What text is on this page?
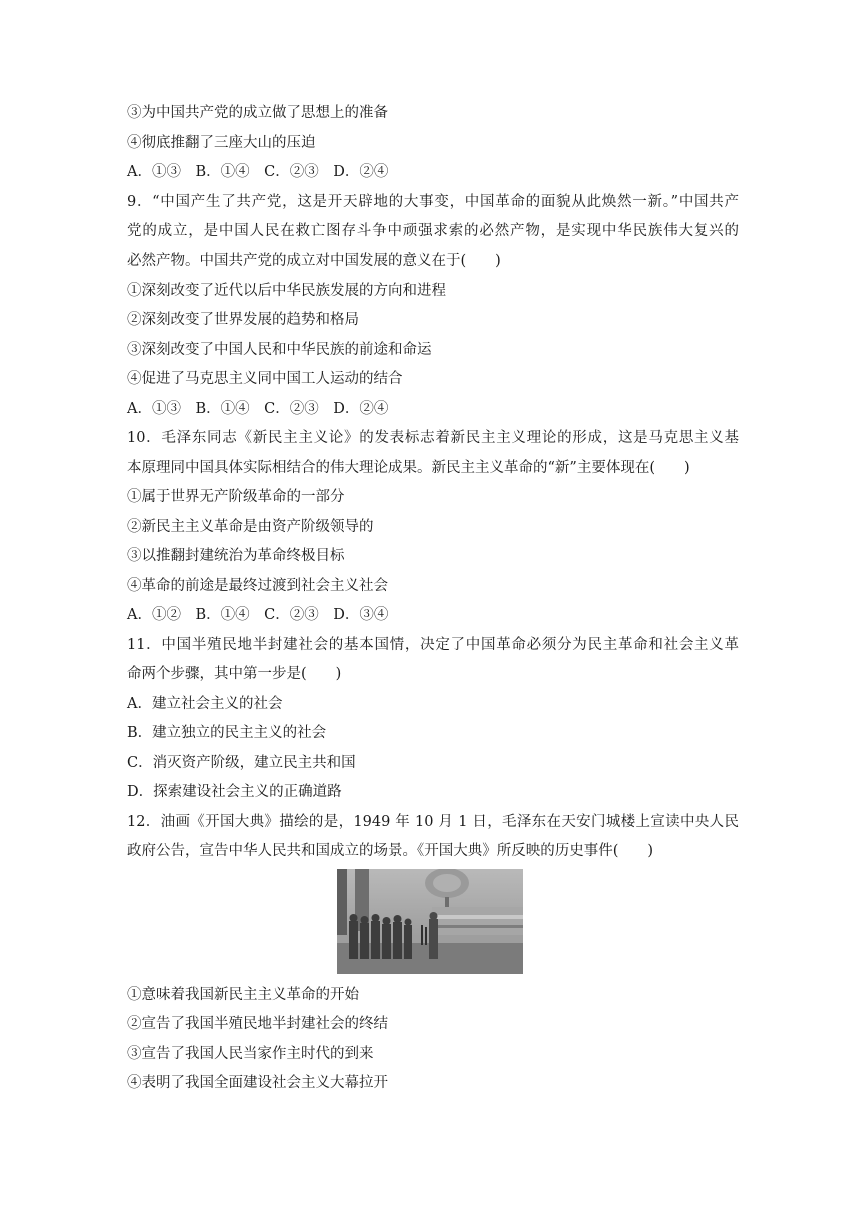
③为中国共产党的成立做了思想上的准备
④彻底推翻了三座大山的压迫
A．①③　B．①④　C．②③　D．②④
9．“中国产生了共产党，这是开天辟地的大事变，中国革命的面貌从此焕然一新。”中国共产
党的成立，是中国人民在救亡图存斗争中顽强求索的必然产物，是实现中华民族伟大复兴的
必然产物。中国共产党的成立对中国发展的意义在于(　　)
①深刻改变了近代以后中华民族发展的方向和进程
②深刻改变了世界发展的趋势和格局
③深刻改变了中国人民和中华民族的前途和命运
④促进了马克思主义同中国工人运动的结合
A．①③　B．①④　C．②③　D．②④
10．毛泽东同志《新民主主义论》的发表标志着新民主主义理论的形成，这是马克思主义基
本原理同中国具体实际相结合的伟大理论成果。新民主主义革命的“新”主要体现在(　　)
①属于世界无产阶级革命的一部分
②新民主主义革命是由资产阶级领导的
③以推翻封建统治为革命终极目标
④革命的前途是最终过渡到社会主义社会
A．①②　B．①④　C．②③　D．③④
11．中国半殖民地半封建社会的基本国情，决定了中国革命必须分为民主革命和社会主义革
命两个步骤，其中第一步是(　　)
A．建立社会主义的社会
B．建立独立的民主主义的社会
C．消灭资产阶级，建立民主共和国
D．探索建设社会主义的正确道路
12．油画《开国大典》描绘的是，1949 年 10 月 1 日，毛泽东在天安门城楼上宣读中央人民
政府公告，宣告中华人民共和国成立的场景。《开国大典》所反映的历史事件(　　)
①意味着我国新民主主义革命的开始
②宣告了我国半殖民地半封建社会的终结
③宣告了我国人民当家作主时代的到来
④表明了我国全面建设社会主义大幕拉开
